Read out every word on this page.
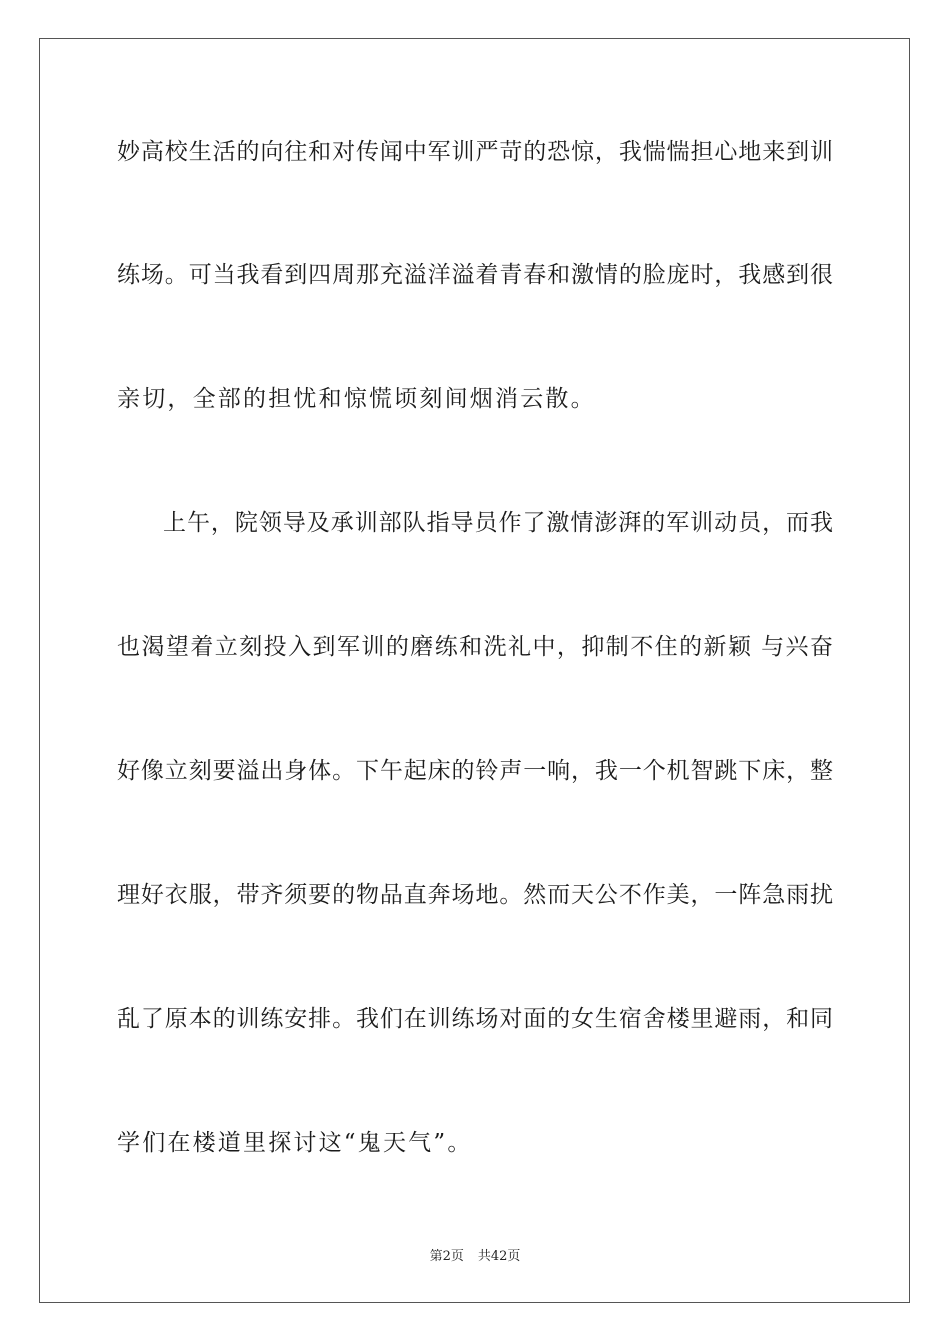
妙高校生活的向往和对传闻中军训严苛的恐惊，我惴惴担心地来到训
练场。可当我看到四周那充溢洋溢着青春和激情的脸庞时，我感到很
亲切，全部的担忧和惊慌顷刻间烟消云散。
上午，院领导及承训部队指导员作了激情澎湃的军训动员，而我
也渴望着立刻投入到军训的磨练和洗礼中，抑制不住的新颖 与兴奋
好像立刻要溢出身体。下午起床的铃声一响，我一个机智跳下床，整
理好衣服，带齐须要的物品直奔场地。然而天公不作美，一阵急雨扰
乱了原本的训练安排。我们在训练场对面的女生宿舍楼里避雨，和同
学们在楼道里探讨这“鬼天气”。
第2页 共42页
